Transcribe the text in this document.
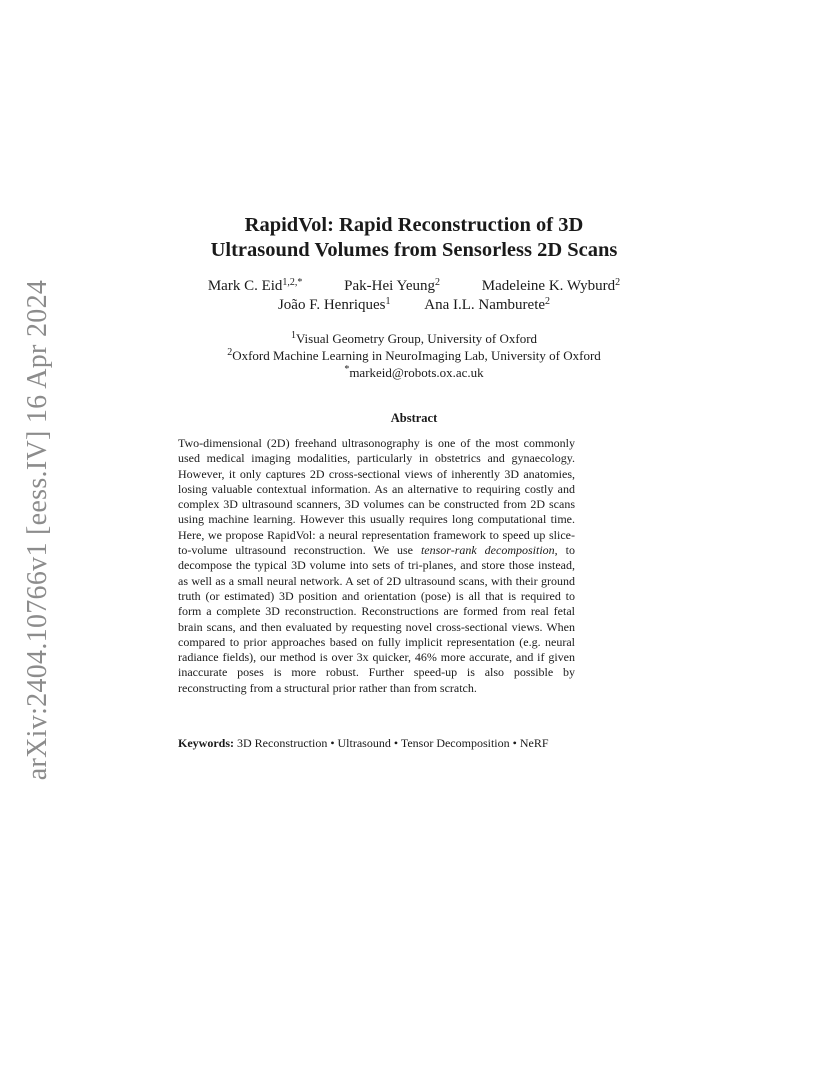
arXiv:2404.10766v1 [eess.IV] 16 Apr 2024
RapidVol: Rapid Reconstruction of 3D
Ultrasound Volumes from Sensorless 2D Scans
Mark C. Eid$^{1,2,*}$	Pak-Hei Yeung$^2$	Madeleine K. Wyburd$^2$
João F. Henriques$^1$ Ana I.L. Namburete$^2$
$^1$Visual Geometry Group, University of Oxford
$^2$Oxford Machine Learning in NeuroImaging Lab, University of Oxford
*markeid@robots.ox.ac.uk
Abstract
Two-dimensional (2D) freehand ultrasonography is one of the most commonly used medical imaging modalities, particularly in obstetrics and gynaecology. However, it only captures 2D cross-sectional views of inherently 3D anatomies, losing valuable contextual information. As an alternative to requiring costly and complex 3D ultrasound scanners, 3D volumes can be constructed from 2D scans using machine learning. However this usually requires long computational time. Here, we propose RapidVol: a neural representation framework to speed up slice-to-volume ultrasound reconstruction. We use tensor-rank decomposition, to decompose the typical 3D volume into sets of tri-planes, and store those instead, as well as a small neural network. A set of 2D ultrasound scans, with their ground truth (or estimated) 3D position and orientation (pose) is all that is required to form a complete 3D reconstruction. Reconstructions are formed from real fetal brain scans, and then evaluated by requesting novel cross-sectional views. When compared to prior approaches based on fully implicit representation (e.g. neural radiance fields), our method is over 3x quicker, 46% more accurate, and if given inaccurate poses is more robust. Further speed-up is also possible by reconstructing from a structural prior rather than from scratch.
Keywords: 3D Reconstruction • Ultrasound • Tensor Decomposition • NeRF
